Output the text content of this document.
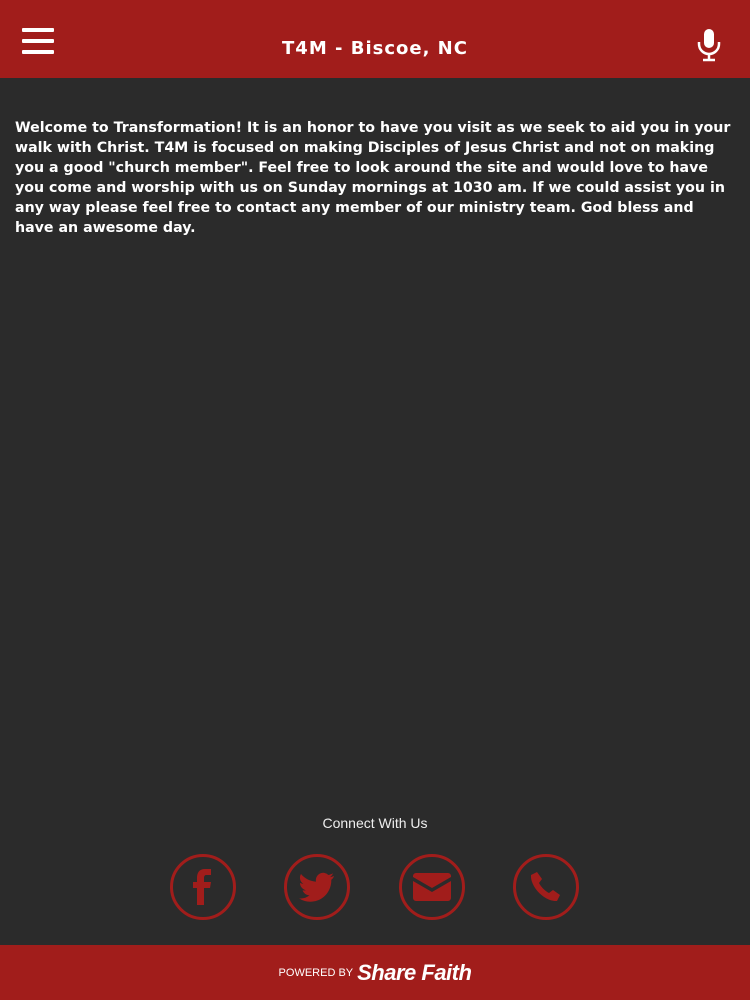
T4M - Biscoe, NC
Welcome to Transformation! It is an honor to have you visit as we seek to aid you in your walk with Christ. T4M is focused on making Disciples of Jesus Christ and not on making you a good "church member". Feel free to look around the site and would love to have you come and worship with us on Sunday mornings at 1030 am. If we could assist you in any way please feel free to contact any member of our ministry team. God bless and have an awesome day.
Connect With Us
POWERED BY Share Faith
